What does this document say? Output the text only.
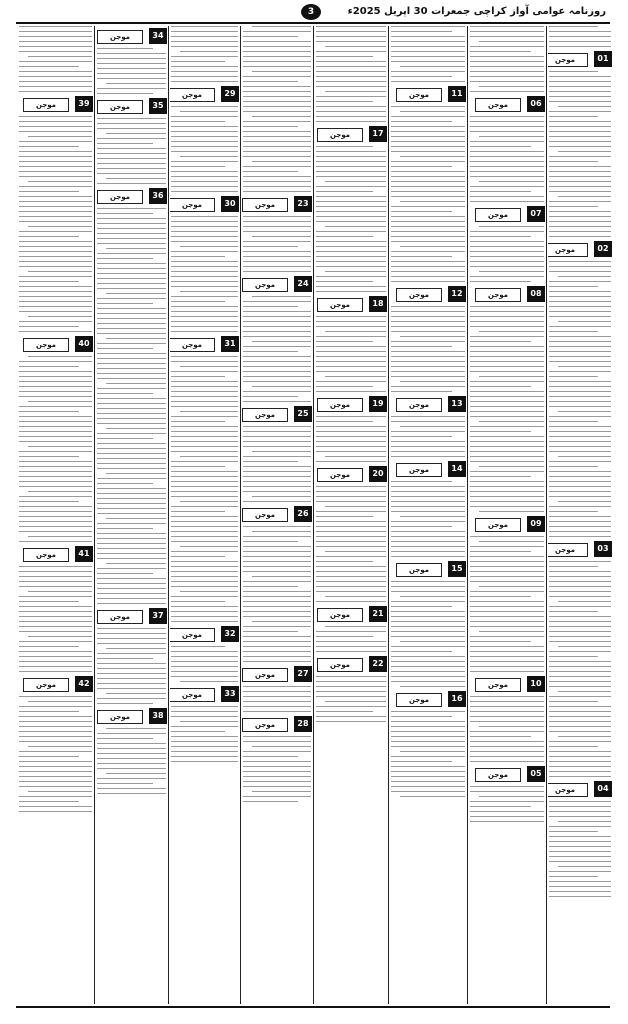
روزنامہ عوامی آواز کراچی جمعرات 30 اپریل 2025ء
3
موجن	01
موجن	02
موجن	03
موجن	04
موجن	06
موجن	07
موجن	08
موجن	09
موجن	10
موجن	05
موجن	11
موجن	12
موجن	13
موجن	14
موجن	15
موجن	16
موجن	17
موجن	18
موجن	19
موجن	20
موجن	21
موجن	22
موجن	23
موجن	24
موجن	25
موجن	26
موجن	27
موجن	28
موجن	29
موجن	30
موجن	31
موجن	32
موجن	33
موجن	34
موجن	35
موجن	36
موجن	37
موجن	38
موجن	39
موجن	40
موجن	41
موجن	42
